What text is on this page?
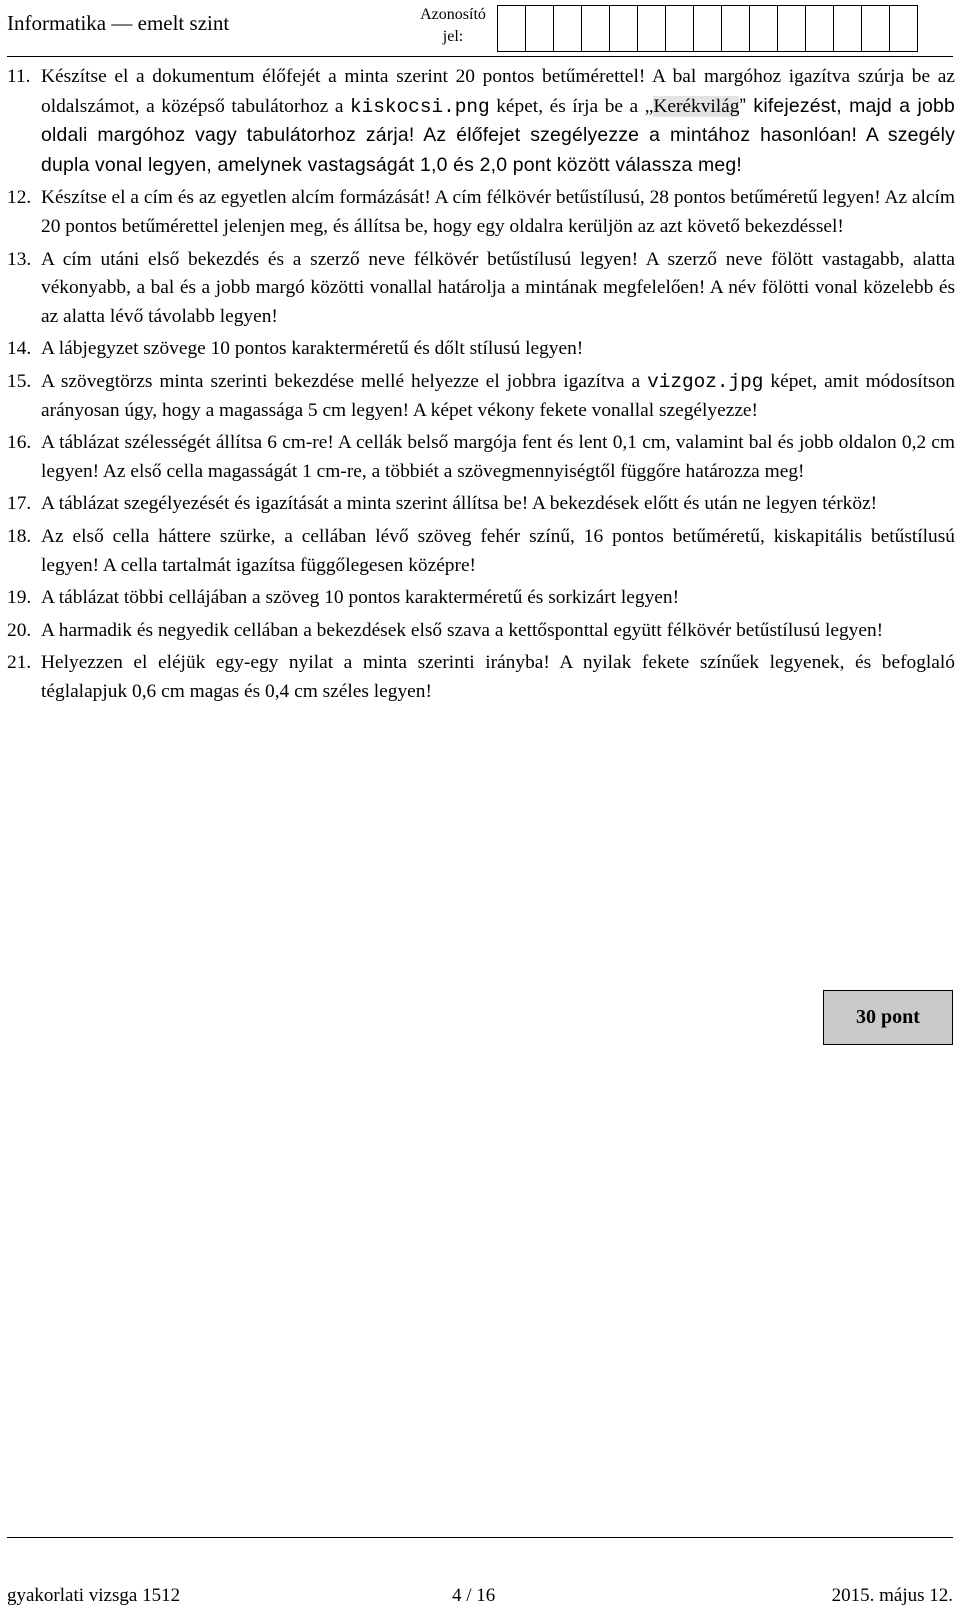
Informatika — emelt szint	Azonosító
jel:
11. Készítse el a dokumentum élőfejét a minta szerint 20 pontos betűmérettel! A bal margóhoz igazítva szúrja be az oldalszámot, a középső tabulátorhoz a kiskocsi.png képet, és írja be a „Kerékvilág” kifejezést, majd a jobb oldali margóhoz vagy tabulátorhoz zárja! Az élőfejet szegélyezze a mintához hasonlóan! A szegély dupla vonal legyen, amelynek vastagságát 1,0 és 2,0 pont között válassza meg!
12. Készítse el a cím és az egyetlen alcím formázását! A cím félkövér betűstílusú, 28 pontos betűméretű legyen! Az alcím 20 pontos betűmérettel jelenjen meg, és állítsa be, hogy egy oldalra kerüljön az azt követő bekezdéssel!
13. A cím utáni első bekezdés és a szerző neve félkövér betűstílusú legyen! A szerző neve fölött vastagabb, alatta vékonyabb, a bal és a jobb margó közötti vonallal határolja a mintának megfelelően! A név fölötti vonal közelebb és az alatta lévő távolabb legyen!
14. A lábjegyzet szövege 10 pontos karakterméretű és dőlt stílusú legyen!
15. A szövegtörzs minta szerinti bekezdése mellé helyezze el jobbra igazítva a vizgoz.jpg képet, amit módosítson arányosan úgy, hogy a magassága 5 cm legyen! A képet vékony fekete vonallal szegélyezze!
16. A táblázat szélességét állítsa 6 cm-re! A cellák belső margója fent és lent 0,1 cm, valamint bal és jobb oldalon 0,2 cm legyen! Az első cella magasságát 1 cm-re, a többiét a szövegmennyiségtől függőre határozza meg!
17. A táblázat szegélyezését és igazítását a minta szerint állítsa be! A bekezdések előtt és után ne legyen térköz!
18. Az első cella háttere szürke, a cellában lévő szöveg fehér színű, 16 pontos betűméretű, kiskapitális betűstílusú legyen! A cella tartalmát igazítsa függőlegesen középre!
19. A táblázat többi cellájában a szöveg 10 pontos karakterméretű és sorkizárt legyen!
20. A harmadik és negyedik cellában a bekezdések első szava a kettősponttal együtt félkövér betűstílusú legyen!
21. Helyezzen el eléjük egy-egy nyilat a minta szerinti irányba! A nyilak fekete színűek legyenek, és befoglaló téglalapjuk 0,6 cm magas és 0,4 cm széles legyen!
30 pont
gyakorlati vizsga 1512	4 / 16	2015. május 12.
